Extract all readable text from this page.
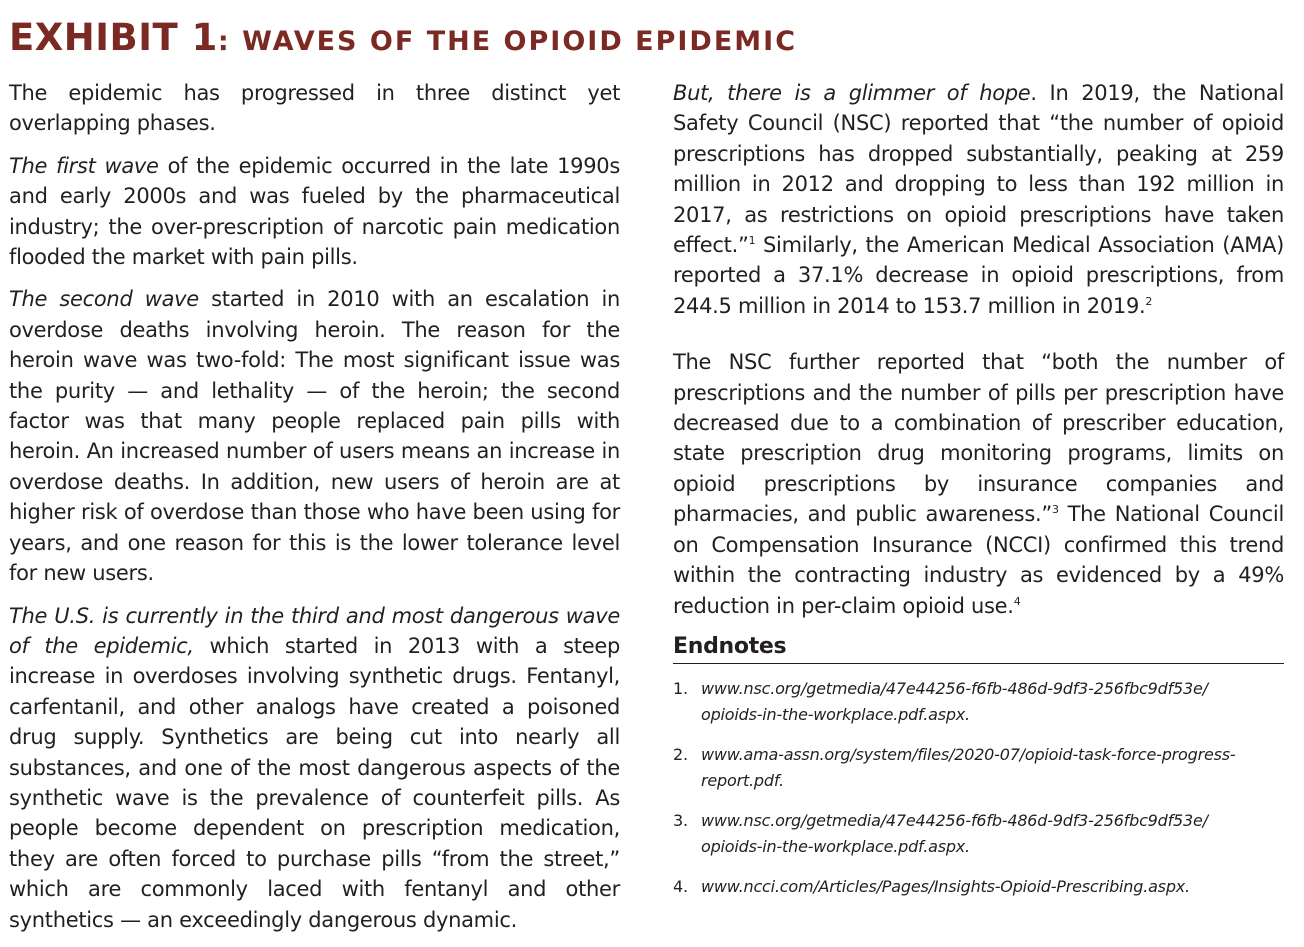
EXHIBIT 1: WAVES OF THE OPIOID EPIDEMIC

The epidemic has progressed in three distinct yet overlapping phases.

The first wave of the epidemic occurred in the late 1990s and early 2000s and was fueled by the pharmaceutical industry; the over-prescription of narcotic pain medication flooded the market with pain pills.

The second wave started in 2010 with an escalation in overdose deaths involving heroin. The reason for the heroin wave was two-fold: The most significant issue was the purity — and lethality — of the heroin; the second factor was that many people replaced pain pills with heroin. An increased number of users means an increase in overdose deaths. In addition, new users of heroin are at higher risk of overdose than those who have been using for years, and one reason for this is the lower tolerance level for new users.

The U.S. is currently in the third and most dangerous wave of the epidemic, which started in 2013 with a steep increase in overdoses involving synthetic drugs. Fentanyl, carfentanil, and other analogs have created a poisoned drug supply. Synthetics are being cut into nearly all substances, and one of the most dangerous aspects of the synthetic wave is the prevalence of counterfeit pills. As people become dependent on prescription medication, they are often forced to purchase pills “from the street,” which are commonly laced with fentanyl and other synthetics — an exceedingly dangerous dynamic.

But, there is a glimmer of hope. In 2019, the National Safety Council (NSC) reported that “the number of opioid prescriptions has dropped substantially, peaking at 259 million in 2012 and dropping to less than 192 million in 2017, as restrictions on opioid prescriptions have taken effect.”$^1$ Similarly, the American Medical Association (AMA) reported a 37.1% decrease in opioid prescriptions, from 244.5 million in 2014 to 153.7 million in 2019.$^2$

The NSC further reported that “both the number of prescriptions and the number of pills per prescription have decreased due to a combination of prescriber education, state prescription drug monitoring programs, limits on opioid prescriptions by insurance companies and pharmacies, and public awareness.”$^3$ The National Council on Compensation Insurance (NCCI) confirmed this trend within the contracting industry as evidenced by a 49% reduction in per-claim opioid use.$^4$

Endnotes
1. www.nsc.org/getmedia/47e44256-f6fb-486d-9df3-256fbc9df53e/
opioids-in-the-workplace.pdf.aspx.
2. www.ama-assn.org/system/files/2020-07/opioid-task-force-progress-
report.pdf.
3. www.nsc.org/getmedia/47e44256-f6fb-486d-9df3-256fbc9df53e/
opioids-in-the-workplace.pdf.aspx.
4. www.ncci.com/Articles/Pages/Insights-Opioid-Prescribing.aspx.
